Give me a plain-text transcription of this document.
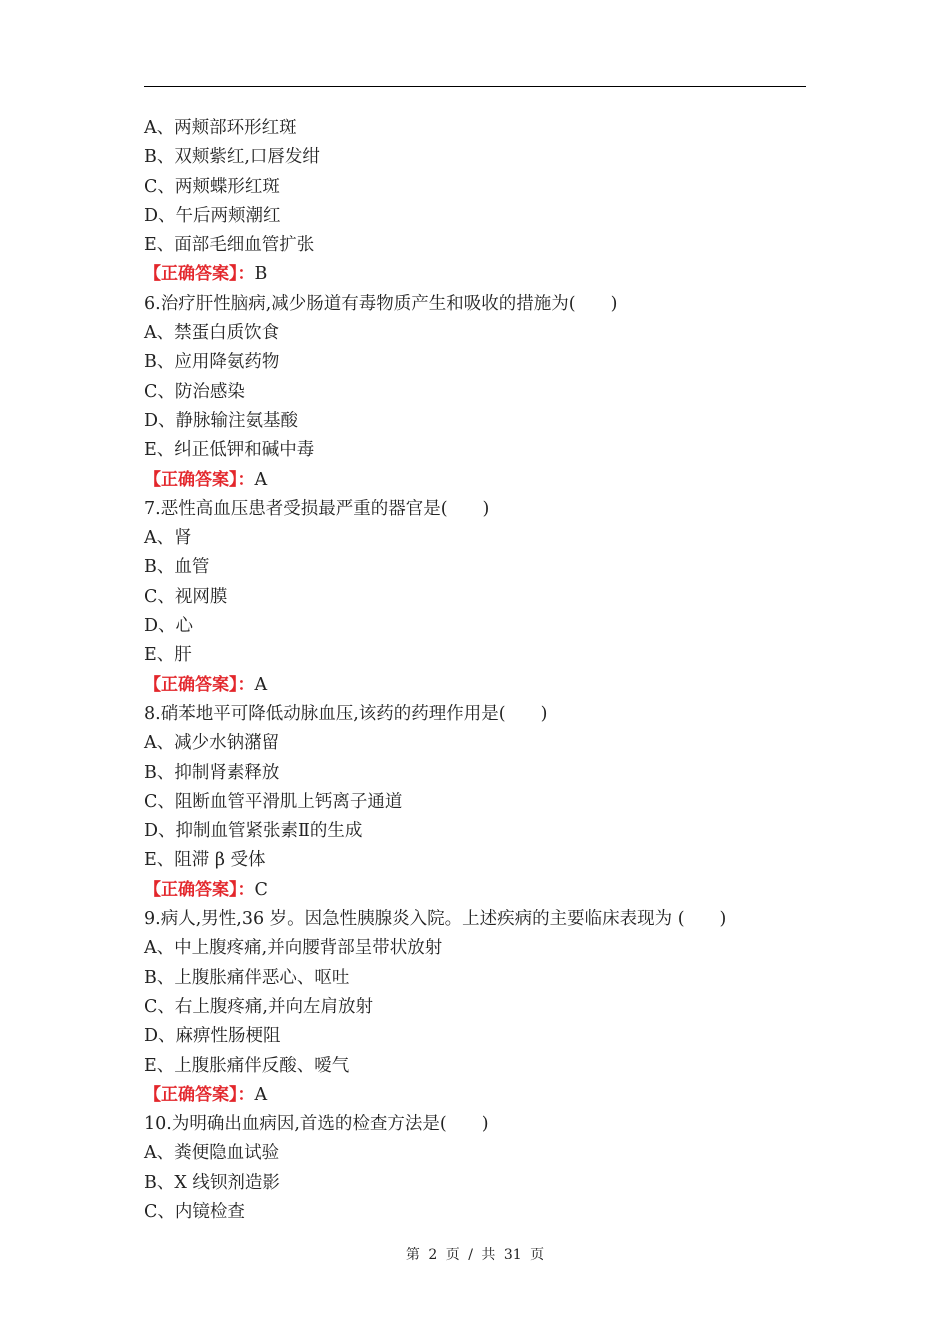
A、两颊部环形红斑
B、双颊紫红,口唇发绀
C、两颊蝶形红斑
D、午后两颊潮红
E、面部毛细血管扩张
【正确答案】：B
6.治疗肝性脑病,减少肠道有毒物质产生和吸收的措施为(　　)
A、禁蛋白质饮食
B、应用降氨药物
C、防治感染
D、静脉输注氨基酸
E、纠正低钾和碱中毒
【正确答案】：A
7.恶性高血压患者受损最严重的器官是(　　)
A、肾
B、血管
C、视网膜
D、心
E、肝
【正确答案】：A
8.硝苯地平可降低动脉血压,该药的药理作用是(　　)
A、减少水钠潴留
B、抑制肾素释放
C、阻断血管平滑肌上钙离子通道
D、抑制血管紧张素Ⅱ的生成
E、阻滞 β 受体
【正确答案】：C
9.病人,男性,36 岁。因急性胰腺炎入院。上述疾病的主要临床表现为 (　　)
A、中上腹疼痛,并向腰背部呈带状放射
B、上腹胀痛伴恶心、呕吐
C、右上腹疼痛,并向左肩放射
D、麻痹性肠梗阻
E、上腹胀痛伴反酸、嗳气
【正确答案】：A
10.为明确出血病因,首选的检查方法是(　　)
A、粪便隐血试验
B、X 线钡剂造影
C、内镜检查
第 2 页 / 共 31 页
